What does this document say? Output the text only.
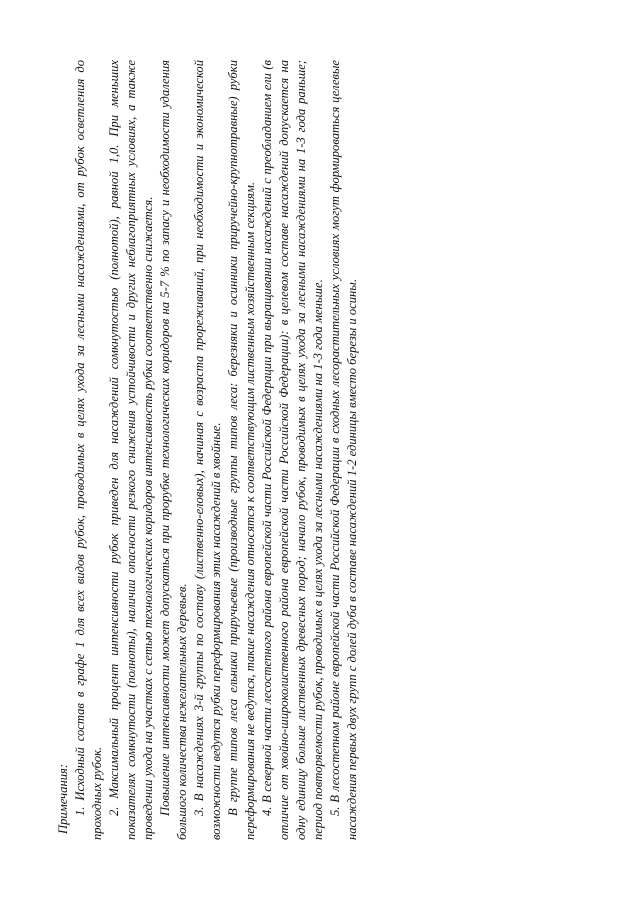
Примечания: 1. Исходный состав в графе 1 для всех видов рубок, проводимых в целях ухода за лесными насаждениями, от рубок осветления до проходных рубок. 2. Максимальный процент интенсивности рубок приведен для насаждений сомкнутостью (полнотой), равной 1,0. При меньших показателях сомкнутости (полноты), наличии опасности резкого снижения устойчивости и других неблагоприятных условиях, а также проведении ухода на участках с сетью технологических коридоров интенсивность рубки соответственно снижается. Повышение интенсивности может допускаться при прорубке технологических коридоров на 5-7 % по запасу и необходимости удаления большого количества нежелательных деревьев. 3. В насаждениях 3-й группы по составу (лиственно-еловых), начиная с возраста прореживаний, при необходимости и экономической возможности ведутся рубки переформирования этих насаждений в хвойные. В группе типов леса ельники приручьевые (производные группы типов леса: березняки и осинники приручейно-крупнотравные) рубки переформирования не ведутся, такие насаждения относятся к соответствующим лиственным хозяйственным секциям. 4. В северной части лесостепного района европейской части Российской Федерации при выращивании насаждений с преобладанием ели (в отличие от хвойно-широколиственного района европейской части Российской Федерации): в целевом составе насаждений допускается на одну единицу больше лиственных древесных пород; начало рубок, проводимых в целях ухода за лесными насаждениями на 1-3 года раньше; период повторяемости рубок, проводимых в целях ухода за лесными насаждениями на 1-3 года меньше. 5. В лесостепном районе европейской части Российской Федерации в сходных лесорастительных условиях могут формироваться целевые насаждения первых двух групп с долей дуба в составе насаждений 1-2 единицы вместо березы и осины.
